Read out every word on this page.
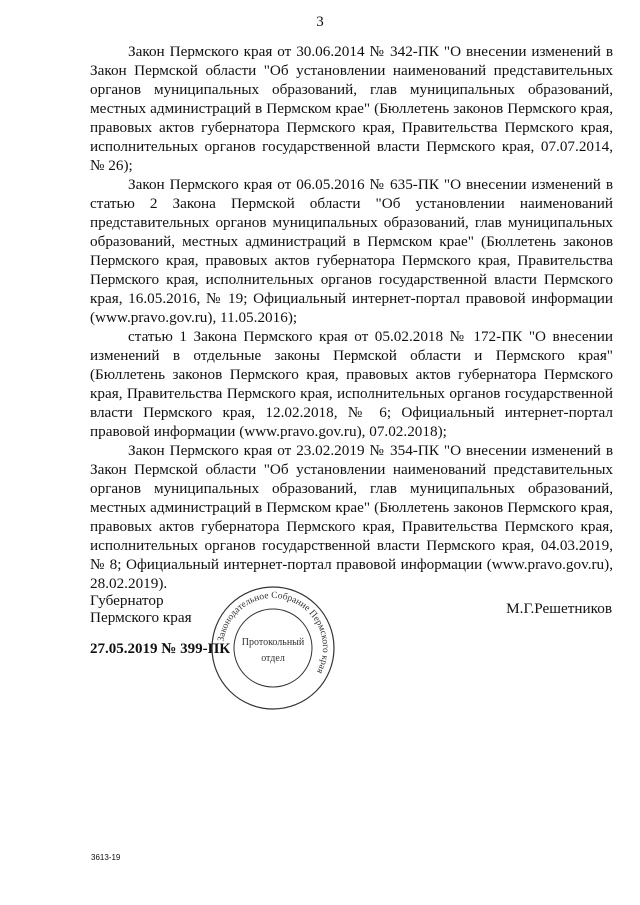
3

Закон Пермского края от 30.06.2014 № 342-ПК "О внесении изменений в Закон Пермской области "Об установлении наименований представительных органов муниципальных образований, глав муниципальных образований, местных администраций в Пермском крае" (Бюллетень законов Пермского края, правовых актов губернатора Пермского края, Правительства Пермского края, исполнительных органов государственной власти Пермского края, 07.07.2014, № 26);

Закон Пермского края от 06.05.2016 № 635-ПК "О внесении изменений в статью 2 Закона Пермской области "Об установлении наименований представительных органов муниципальных образований, глав муниципальных образований, местных администраций в Пермском крае" (Бюллетень законов Пермского края, правовых актов губернатора Пермского края, Правительства Пермского края, исполнительных органов государственной власти Пермского края, 16.05.2016, № 19; Официальный интернет-портал правовой информации (www.pravo.gov.ru), 11.05.2016);

статью 1 Закона Пермского края от 05.02.2018 № 172-ПК "О внесении изменений в отдельные законы Пермской области и Пермского края" (Бюллетень законов Пермского края, правовых актов губернатора Пермского края, Правительства Пермского края, исполнительных органов государственной власти Пермского края, 12.02.2018, № 6; Официальный интернет-портал правовой информации (www.pravo.gov.ru), 07.02.2018);

Закон Пермского края от 23.02.2019 № 354-ПК "О внесении изменений в Закон Пермской области "Об установлении наименований представительных органов муниципальных образований, глав муниципальных образований, местных администраций в Пермском крае" (Бюллетень законов Пермского края, правовых актов губернатора Пермского края, Правительства Пермского края, исполнительных органов государственной власти Пермского края, 04.03.2019, № 8; Официальный интернет-портал правовой информации (www.pravo.gov.ru), 28.02.2019).

Губернатор
Пермского края
М.Г.Решетников
27.05.2019 № 399-ПК
Законодательное Собрание Пермского края
Протокольный
отдел
3613-19
